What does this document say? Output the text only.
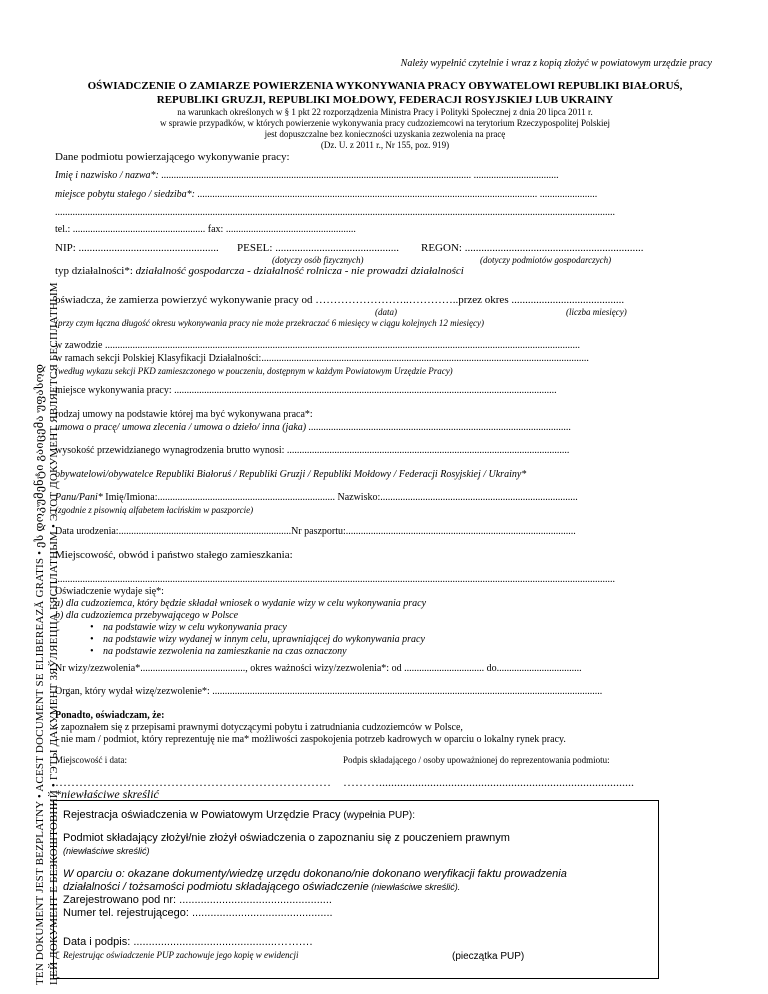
TEN DOKUMENT JEST BEZPLATNY • ACEST DOCUMENT SE ELIBEREAZĂ GRATIS • ეს დოკუმენტი გაიცემა უფასოდ ЦЕЙ ДОКУМЕНТ Е БЕЗКОШТОВНИЙ • ГЭТЫ ДАКУМЕНТ ЗЯЎЛЯЕЦЦА БЯСПЛАТНЫМ • ЭТОТ ДОКУМЕНТ ЯВЛЯЕТСЯ БЕСПЛАТНЫМ
Należy wypełnić czytelnie i wraz z kopią złożyć w powiatowym urzędzie pracy
OŚWIADCZENIE O ZAMIARZE POWIERZENIA WYKONYWANIA PRACY OBYWATELOWI REPUBLIKI BIAŁORUŚ,
REPUBLIKI GRUZJI, REPUBLIKI MOŁDOWY, FEDERACJI ROSYJSKIEJ LUB UKRAINY
na warunkach określonych w § 1 pkt 22 rozporządzenia Ministra Pracy i Polityki Społecznej z dnia 20 lipca 2011 r.
w sprawie przypadków, w których powierzenie wykonywania pracy cudzoziemcowi na terytorium Rzeczypospolitej Polskiej
jest dopuszczalne bez konieczności uzyskania zezwolenia na pracę
(Dz. U. z 2011 r., Nr 155, poz. 919)
Dane podmiotu powierzającego wykonywanie pracy:
Imię i nazwisko / nazwa*: ............................................................................................................................ ..................................
miejsce pobytu stałego / siedziba*: ........................................................................................................................................ .......................
................................................................................................................................................................................................................................
tel.: ..................................................... fax: ....................................................
NIP: ................................................... PESEL: ............................................. REGON: .................................................................
(dotyczy osób fizycznych)	(dotyczy podmiotów gospodarczych)
typ działalności*: działalność gospodarcza - działalność rolnicza - nie prowadzi działalności
oświadcza, że zamierza powierzyć wykonywanie pracy od ……………………..…………..przez okres .........................................
(data)	(liczba miesięcy)
(przy czym łączna długość okresu wykonywania pracy nie może przekraczać 6 miesięcy w ciągu kolejnych 12 miesięcy)
w zawodzie ..............................................................................................................................................................................................
w ramach sekcji Polskiej Klasyfikacji Działalności:...................................................................................................................................
(według wykazu sekcji PKD zamieszczonego w pouczeniu, dostępnym w każdym Powiatowym Urzędzie Pracy)
miejsce wykonywania pracy: .........................................................................................................................................................
rodzaj umowy na podstawie której ma być wykonywana praca*:
umowa o pracę/ umowa zlecenia / umowa o dzieło/ inna (jaka) .........................................................................................................
wysokość przewidzianego wynagrodzenia brutto wynosi: .................................................................................................................
obywatelowi/obywatelce Republiki Białoruś / Republiki Gruzji / Republiki Mołdowy / Federacji Rosyjskiej / Ukrainy*
Panu/Pani* Imię/Imiona:....................................................................... Nazwisko:...............................................................................
(zgodnie z pisownią alfabetem łacińskim w paszporcie)
Data urodzenia:.....................................................................Nr paszportu:............................................................................................
Miejscowość, obwód i państwo stałego zamieszkania:
................................................................................................................................................................................................................................
Oświadczenie wydaje się*:
a) dla cudzoziemca, który będzie składał wniosek o wydanie wizy w celu wykonywania pracy
b) dla cudzoziemca przebywającego w Polsce
• na podstawie wizy w celu wykonywania pracy
• na podstawie wizy wydanej w innym celu, uprawniającej do wykonywania pracy
• na podstawie zezwolenia na zamieszkanie na czas oznaczony
Nr wizy/zezwolenia*.........................................., okres ważności wizy/zezwolenia*: od ................................ do..................................
Organ, który wydał wizę/zezwolenie*: ............................................................................................................................................................
Ponadto, oświadczam, że:
- zapoznałem się z przepisami prawnymi dotyczącymi pobytu i zatrudniania cudzoziemców w Polsce,
- nie mam / podmiot, który reprezentuję nie ma* możliwości zaspokojenia potrzeb kadrowych w oparciu o lokalny rynek pracy.
Miejscowość i data:	Podpis składającego / osoby upoważnionej do reprezentowania podmiotu:
…………………………………………………………… ……….....................................................................................
*niewłaściwe skreślić
Rejestracja oświadczenia w Powiatowym Urzędzie Pracy (wypełnia PUP):
Podmiot składający złożył/nie złożył oświadczenia o zapoznaniu się z pouczeniem prawnym
(niewłaściwe skreślić)
W oparciu o: okazane dokumenty/wiedzę urzędu dokonano/nie dokonano weryfikacji faktu prowadzenia
działalności / tożsamości podmiotu składającego oświadczenie (niewłaściwe skreślić).
Zarejestrowano pod nr: ..................................................
Numer tel. rejestrującego: ..............................................
Data i podpis: ...............................................…….…
Rejestrując oświadczenie PUP zachowuje jego kopię w ewidencji	(pieczątka PUP)
